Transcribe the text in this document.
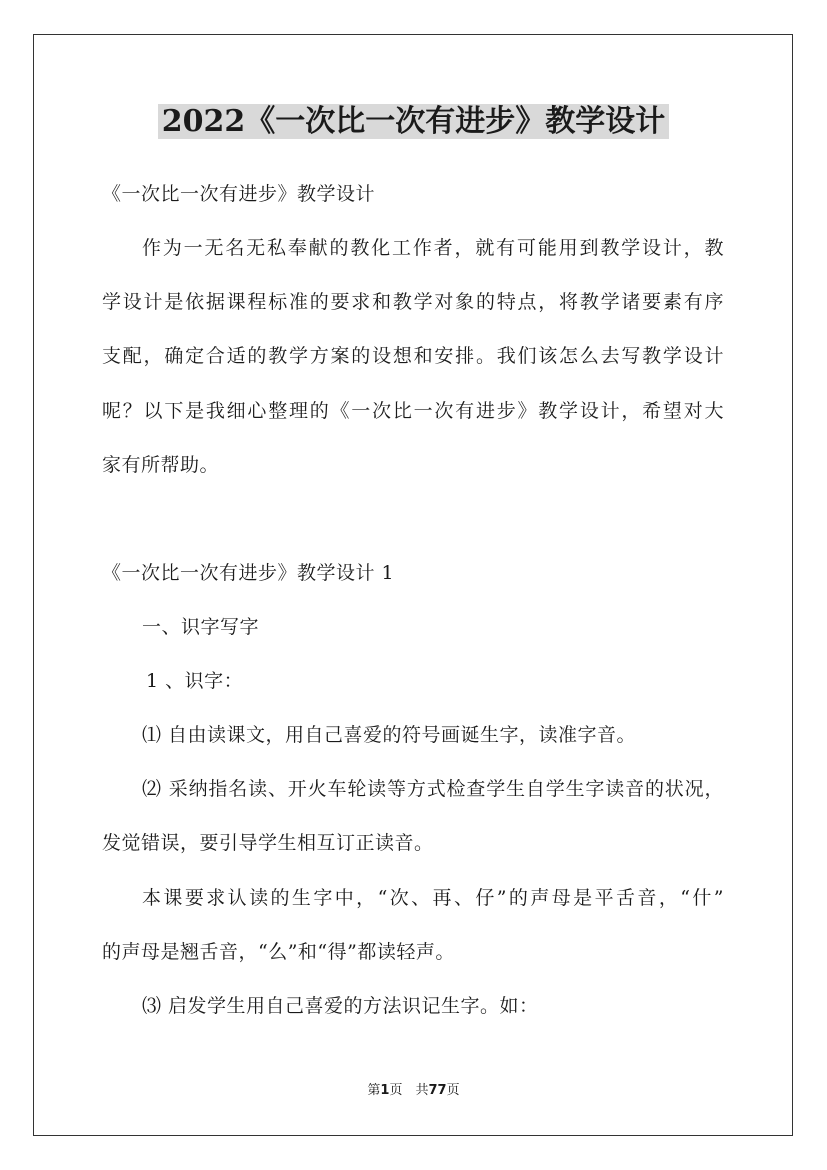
2022《一次比一次有进步》教学设计
《一次比一次有进步》教学设计
作为一无名无私奉献的教化工作者，就有可能用到教学设计，教
学设计是依据课程标准的要求和教学对象的特点，将教学诸要素有序
支配，确定合适的教学方案的设想和安排。我们该怎么去写教学设计
呢？以下是我细心整理的《一次比一次有进步》教学设计，希望对大
家有所帮助。
《一次比一次有进步》教学设计 1
一、识字写字
1 、识字：
⑴ 自由读课文，用自己喜爱的符号画诞生字，读准字音。
⑵ 采纳指名读、开火车轮读等方式检查学生自学生字读音的状况，
发觉错误，要引导学生相互订正读音。
本课要求认读的生字中，“次、再、仔”的声母是平舌音，“什”
的声母是翘舌音，“么”和“得”都读轻声。
⑶ 启发学生用自己喜爱的方法识记生字。如：
第1页　共77页
